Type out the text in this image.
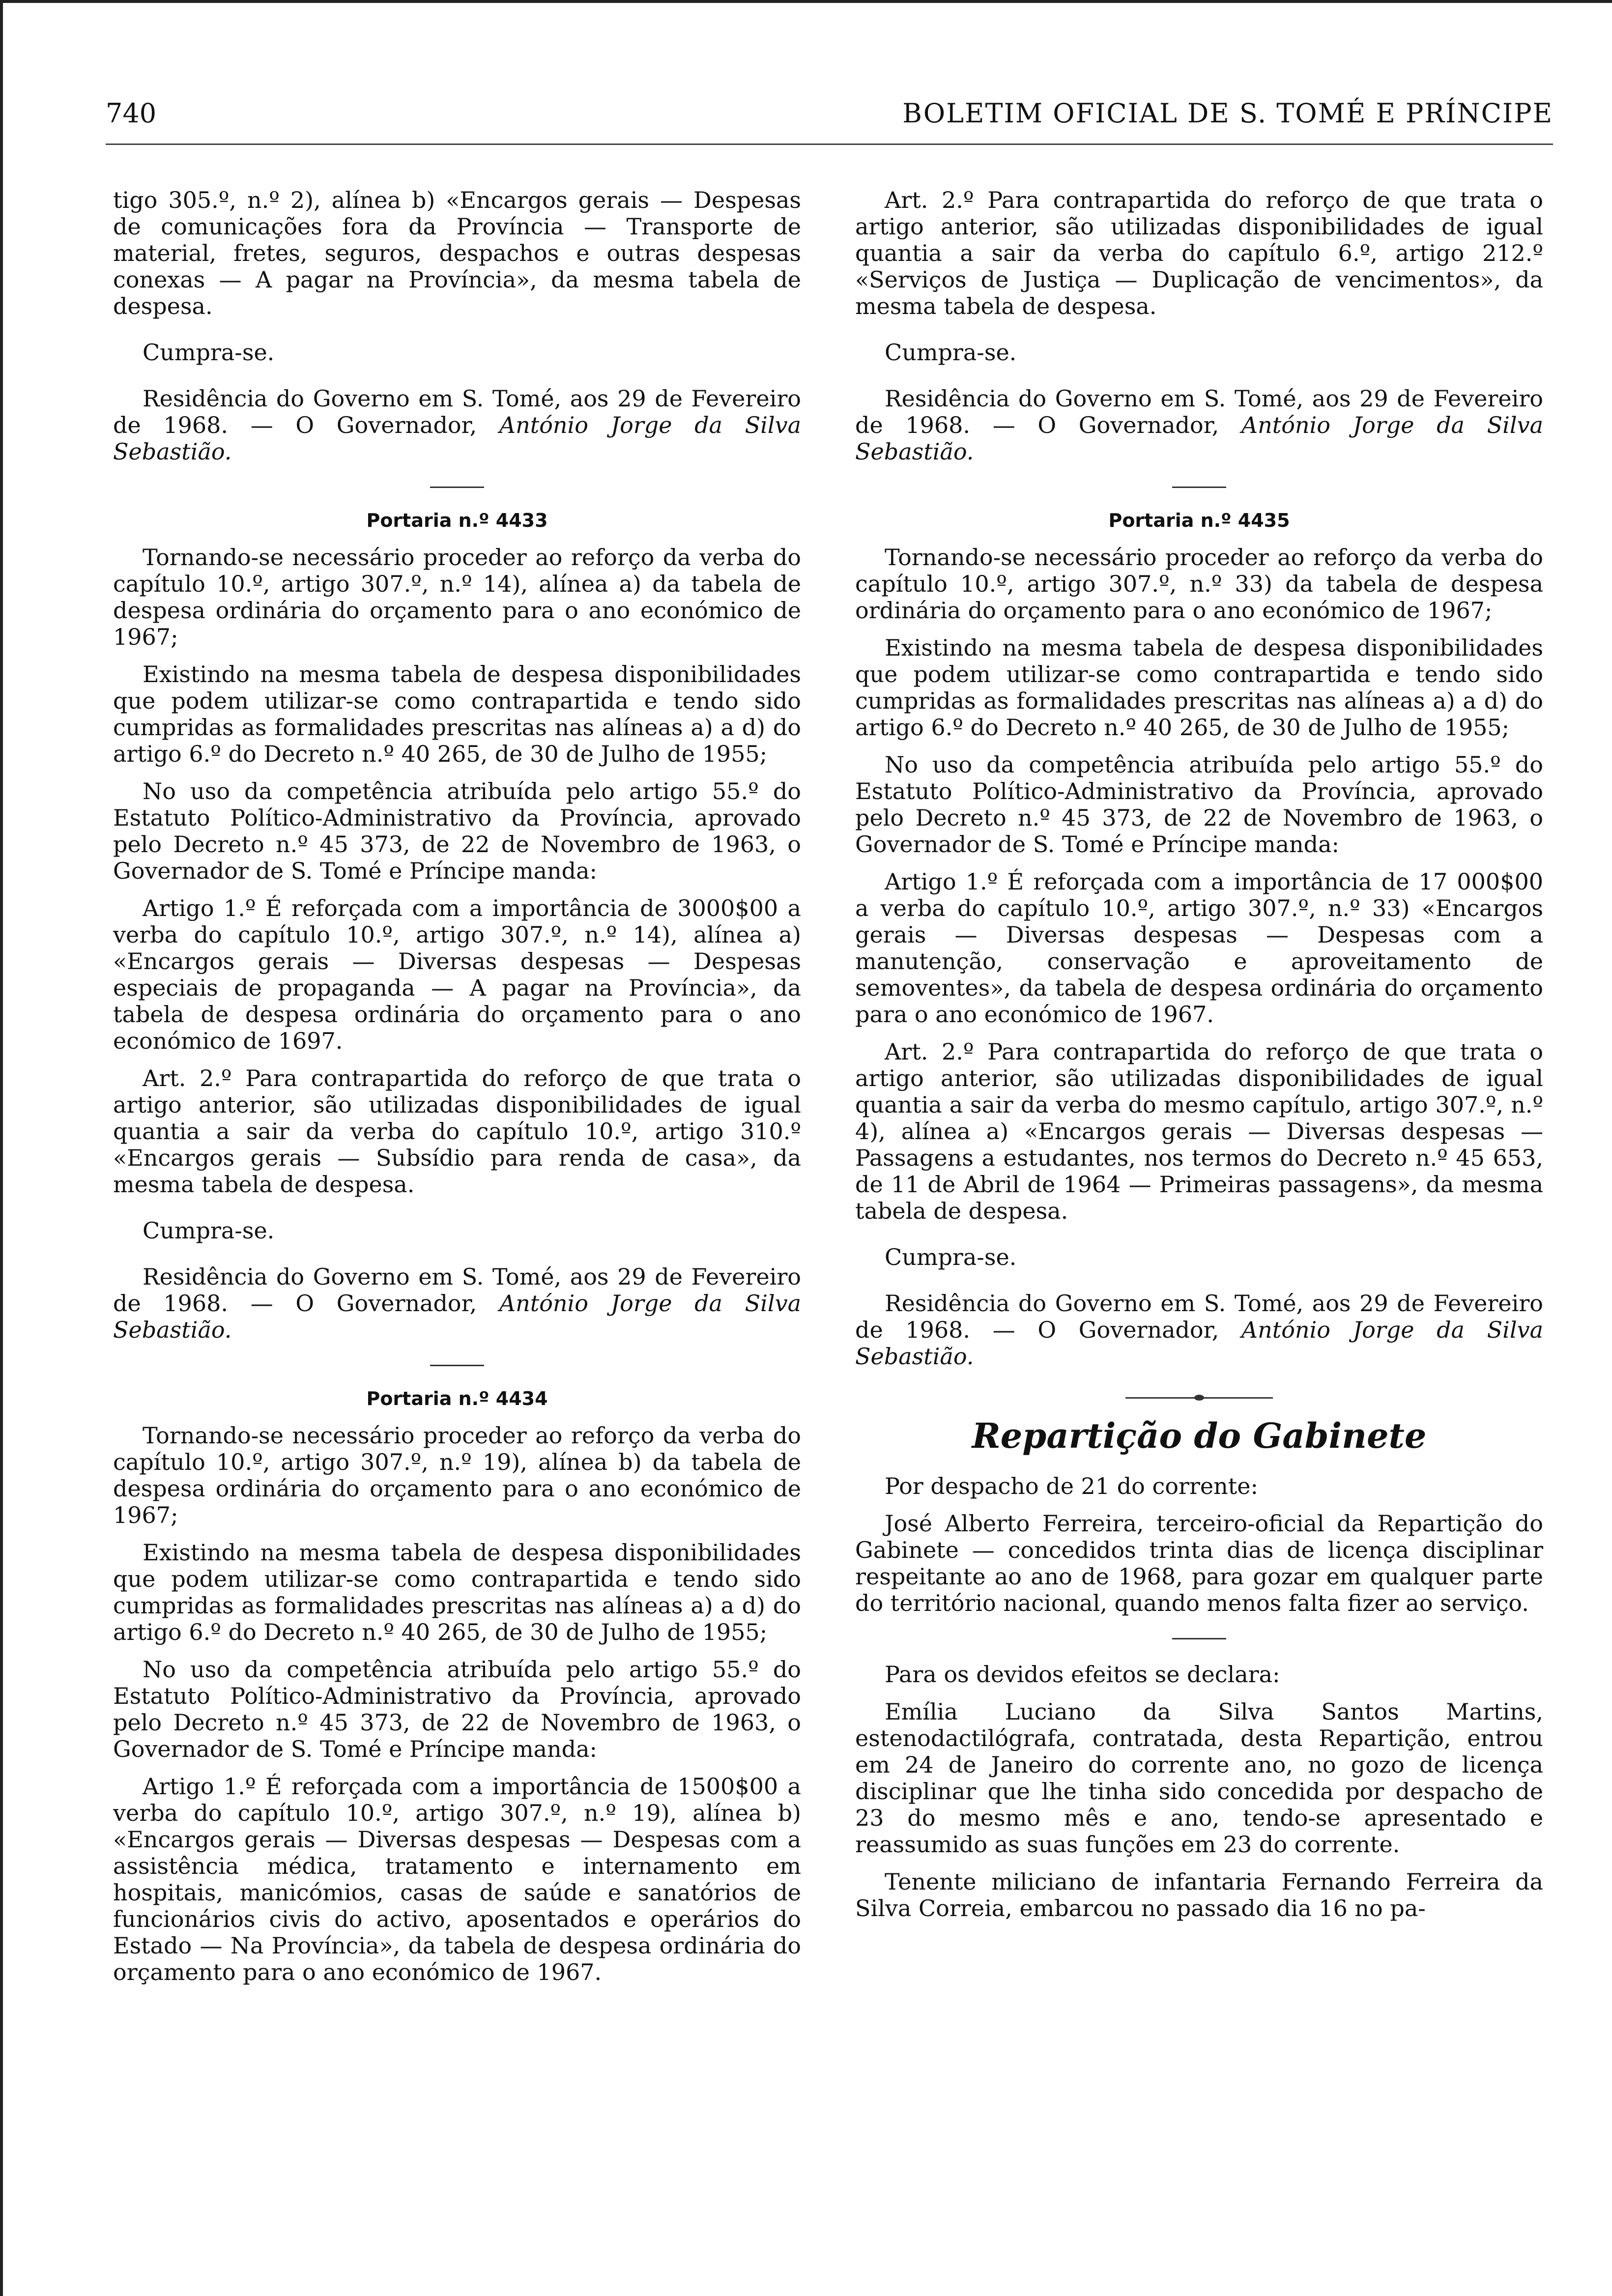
740	BOLETIM OFICIAL DE S. TOMÉ E PRÍNCIPE

tigo 305.º, n.º 2), alínea b) «Encargos gerais — Despesas de comunicações fora da Província — Transporte de material, fretes, seguros, despachos e outras despesas conexas — A pagar na Província», da mesma tabela de despesa.

Cumpra-se.

Residência do Governo em S. Tomé, aos 29 de Fevereiro de 1968. — O Governador, António Jorge da Silva Sebastião.

Portaria n.º 4433

Tornando-se necessário proceder ao reforço da verba do capítulo 10.º, artigo 307.º, n.º 14), alínea a) da tabela de despesa ordinária do orçamento para o ano económico de 1967;

Existindo na mesma tabela de despesa disponibilidades que podem utilizar-se como contrapartida e tendo sido cumpridas as formalidades prescritas nas alíneas a) a d) do artigo 6.º do Decreto n.º 40 265, de 30 de Julho de 1955;

No uso da competência atribuída pelo artigo 55.º do Estatuto Político-Administrativo da Província, aprovado pelo Decreto n.º 45 373, de 22 de Novembro de 1963, o Governador de S. Tomé e Príncipe manda:

Artigo 1.º É reforçada com a importância de 3000$00 a verba do capítulo 10.º, artigo 307.º, n.º 14), alínea a) «Encargos gerais — Diversas despesas — Despesas especiais de propaganda — A pagar na Província», da tabela de despesa ordinária do orçamento para o ano económico de 1697.

Art. 2.º Para contrapartida do reforço de que trata o artigo anterior, são utilizadas disponibilidades de igual quantia a sair da verba do capítulo 10.º, artigo 310.º «Encargos gerais — Subsídio para renda de casa», da mesma tabela de despesa.

Cumpra-se.

Residência do Governo em S. Tomé, aos 29 de Fevereiro de 1968. — O Governador, António Jorge da Silva Sebastião.

Portaria n.º 4434

Tornando-se necessário proceder ao reforço da verba do capítulo 10.º, artigo 307.º, n.º 19), alínea b) da tabela de despesa ordinária do orçamento para o ano económico de 1967;

Existindo na mesma tabela de despesa disponibilidades que podem utilizar-se como contrapartida e tendo sido cumpridas as formalidades prescritas nas alíneas a) a d) do artigo 6.º do Decreto n.º 40 265, de 30 de Julho de 1955;

No uso da competência atribuída pelo artigo 55.º do Estatuto Político-Administrativo da Província, aprovado pelo Decreto n.º 45 373, de 22 de Novembro de 1963, o Governador de S. Tomé e Príncipe manda:

Artigo 1.º É reforçada com a importância de 1500$00 a verba do capítulo 10.º, artigo 307.º, n.º 19), alínea b) «Encargos gerais — Diversas despesas — Despesas com a assistência médica, tratamento e internamento em hospitais, manicómios, casas de saúde e sanatórios de funcionários civis do activo, aposentados e operários do Estado — Na Província», da tabela de despesa ordinária do orçamento para o ano económico de 1967.

Art. 2.º Para contrapartida do reforço de que trata o artigo anterior, são utilizadas disponibilidades de igual quantia a sair da verba do capítulo 6.º, artigo 212.º «Serviços de Justiça — Duplicação de vencimentos», da mesma tabela de despesa.

Cumpra-se.

Residência do Governo em S. Tomé, aos 29 de Fevereiro de 1968. — O Governador, António Jorge da Silva Sebastião.

Portaria n.º 4435

Tornando-se necessário proceder ao reforço da verba do capítulo 10.º, artigo 307.º, n.º 33) da tabela de despesa ordinária do orçamento para o ano económico de 1967;

Existindo na mesma tabela de despesa disponibilidades que podem utilizar-se como contrapartida e tendo sido cumpridas as formalidades prescritas nas alíneas a) a d) do artigo 6.º do Decreto n.º 40 265, de 30 de Julho de 1955;

No uso da competência atribuída pelo artigo 55.º do Estatuto Político-Administrativo da Província, aprovado pelo Decreto n.º 45 373, de 22 de Novembro de 1963, o Governador de S. Tomé e Príncipe manda:

Artigo 1.º É reforçada com a importância de 17 000$00 a verba do capítulo 10.º, artigo 307.º, n.º 33) «Encargos gerais — Diversas despesas — Despesas com a manutenção, conservação e aproveitamento de semoventes», da tabela de despesa ordinária do orçamento para o ano económico de 1967.

Art. 2.º Para contrapartida do reforço de que trata o artigo anterior, são utilizadas disponibilidades de igual quantia a sair da verba do mesmo capítulo, artigo 307.º, n.º 4), alínea a) «Encargos gerais — Diversas despesas — Passagens a estudantes, nos termos do Decreto n.º 45 653, de 11 de Abril de 1964 — Primeiras passagens», da mesma tabela de despesa.

Cumpra-se.

Residência do Governo em S. Tomé, aos 29 de Fevereiro de 1968. — O Governador, António Jorge da Silva Sebastião.

Repartição do Gabinete

Por despacho de 21 do corrente:

José Alberto Ferreira, terceiro-oficial da Repartição do Gabinete — concedidos trinta dias de licença disciplinar respeitante ao ano de 1968, para gozar em qualquer parte do território nacional, quando menos falta fizer ao serviço.

Para os devidos efeitos se declara:

Emília Luciano da Silva Santos Martins, estenodactilógrafa, contratada, desta Repartição, entrou em 24 de Janeiro do corrente ano, no gozo de licença disciplinar que lhe tinha sido concedida por despacho de 23 do mesmo mês e ano, tendo-se apresentado e reassumido as suas funções em 23 do corrente.

Tenente miliciano de infantaria Fernando Ferreira da Silva Correia, embarcou no passado dia 16 no pa-
